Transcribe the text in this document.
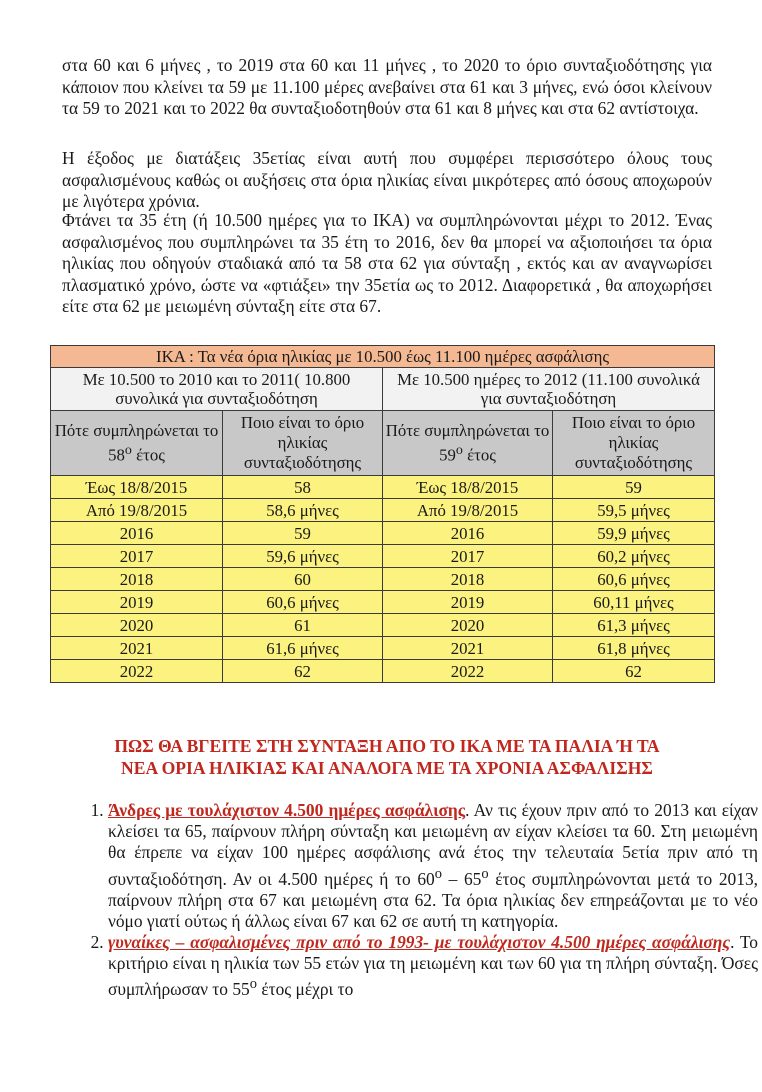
στα 60 και 6 μήνες , το 2019 στα 60 και 11 μήνες , το 2020 το όριο συνταξιοδότησης για κάποιον που κλείνει τα 59 με 11.100 μέρες ανεβαίνει στα 61 και 3 μήνες, ενώ όσοι κλείνουν τα 59 το 2021 και το 2022 θα συνταξιοδοτηθούν στα 61 και 8 μήνες και στα 62 αντίστοιχα.

Η έξοδος με διατάξεις 35ετίας είναι αυτή που συμφέρει περισσότερο όλους τους ασφαλισμένους καθώς οι αυξήσεις στα όρια ηλικίας είναι μικρότερες από όσους αποχωρούν με λιγότερα χρόνια.

Φτάνει τα 35 έτη (ή 10.500 ημέρες για το ΙΚΑ) να συμπληρώνονται μέχρι το 2012. Ένας ασφαλισμένος που συμπληρώνει τα 35 έτη το 2016, δεν θα μπορεί να αξιοποιήσει τα όρια ηλικίας που οδηγούν σταδιακά από τα 58 στα 62 για σύνταξη , εκτός και αν αναγνωρίσει πλασματικό χρόνο, ώστε να «φτιάξει» την 35ετία ως το 2012. Διαφορετικά , θα αποχωρήσει είτε στα 62 με μειωμένη σύνταξη είτε στα 67.

ΙΚΑ : Τα νέα όρια ηλικίας με 10.500 έως 11.100 ημέρες ασφάλισης			
Με 10.500 το 2010 και το 2011( 10.800 συνολικά για συνταξιοδότηση		Με 10.500 ημέρες το 2012 (11.100 συνολικά για συνταξιοδότηση	
Πότε συμπληρώνεται το $58^o$ έτος	Ποιο είναι το όριο ηλικίας συνταξιοδότησης	Πότε συμπληρώνεται το $59^o$ έτος	Ποιο είναι το όριο ηλικίας συνταξιοδότησης
Έως 18/8/2015	58	Έως 18/8/2015	59
Από 19/8/2015	58,6 μήνες	Από 19/8/2015	59,5 μήνες
2016	59	2016	59,9 μήνες
2017	59,6 μήνες	2017	60,2 μήνες
2018	60	2018	60,6 μήνες
2019	60,6 μήνες	2019	60,11 μήνες
2020	61	2020	61,3 μήνες
2021	61,6 μήνες	2021	61,8 μήνες
2022	62	2022	62
ΠΩΣ ΘΑ ΒΓΕΙΤΕ ΣΤΗ ΣΥΝΤΑΞΗ ΑΠΟ ΤΟ ΙΚΑ ΜΕ ΤΑ ΠΑΛΙΑ Ή ΤΑ
ΝΕΑ ΟΡΙΑ ΗΛΙΚΙΑΣ ΚΑΙ ΑΝΑΛΟΓΑ ΜΕ ΤΑ ΧΡΟΝΙΑ ΑΣΦΑΛΙΣΗΣ
1. Άνδρες με τουλάχιστον 4.500 ημέρες ασφάλισης. Αν τις έχουν πριν από το 2013 και είχαν κλείσει τα 65, παίρνουν πλήρη σύνταξη και μειωμένη αν είχαν κλείσει τα 60. Στη μειωμένη θα έπρεπε να είχαν 100 ημέρες ασφάλισης ανά έτος την τελευταία 5ετία πριν από τη συνταξιοδότηση. Αν οι 4.500 ημέρες ή το $60^o - 65^o$ έτος συμπληρώνονται μετά το 2013, παίρνουν πλήρη στα 67 και μειωμένη στα 62. Τα όρια ηλικίας δεν επηρεάζονται με το νέο νόμο γιατί ούτως ή άλλως είναι 67 και 62 σε αυτή τη κατηγορία.
2. γυναίκες – ασφαλισμένες πριν από το 1993- με τουλάχιστον 4.500 ημέρες ασφάλισης. Το κριτήριο είναι η ηλικία των 55 ετών για τη μειωμένη και των 60 για τη πλήρη σύνταξη. Όσες συμπλήρωσαν το $55^o$ έτος μέχρι το
